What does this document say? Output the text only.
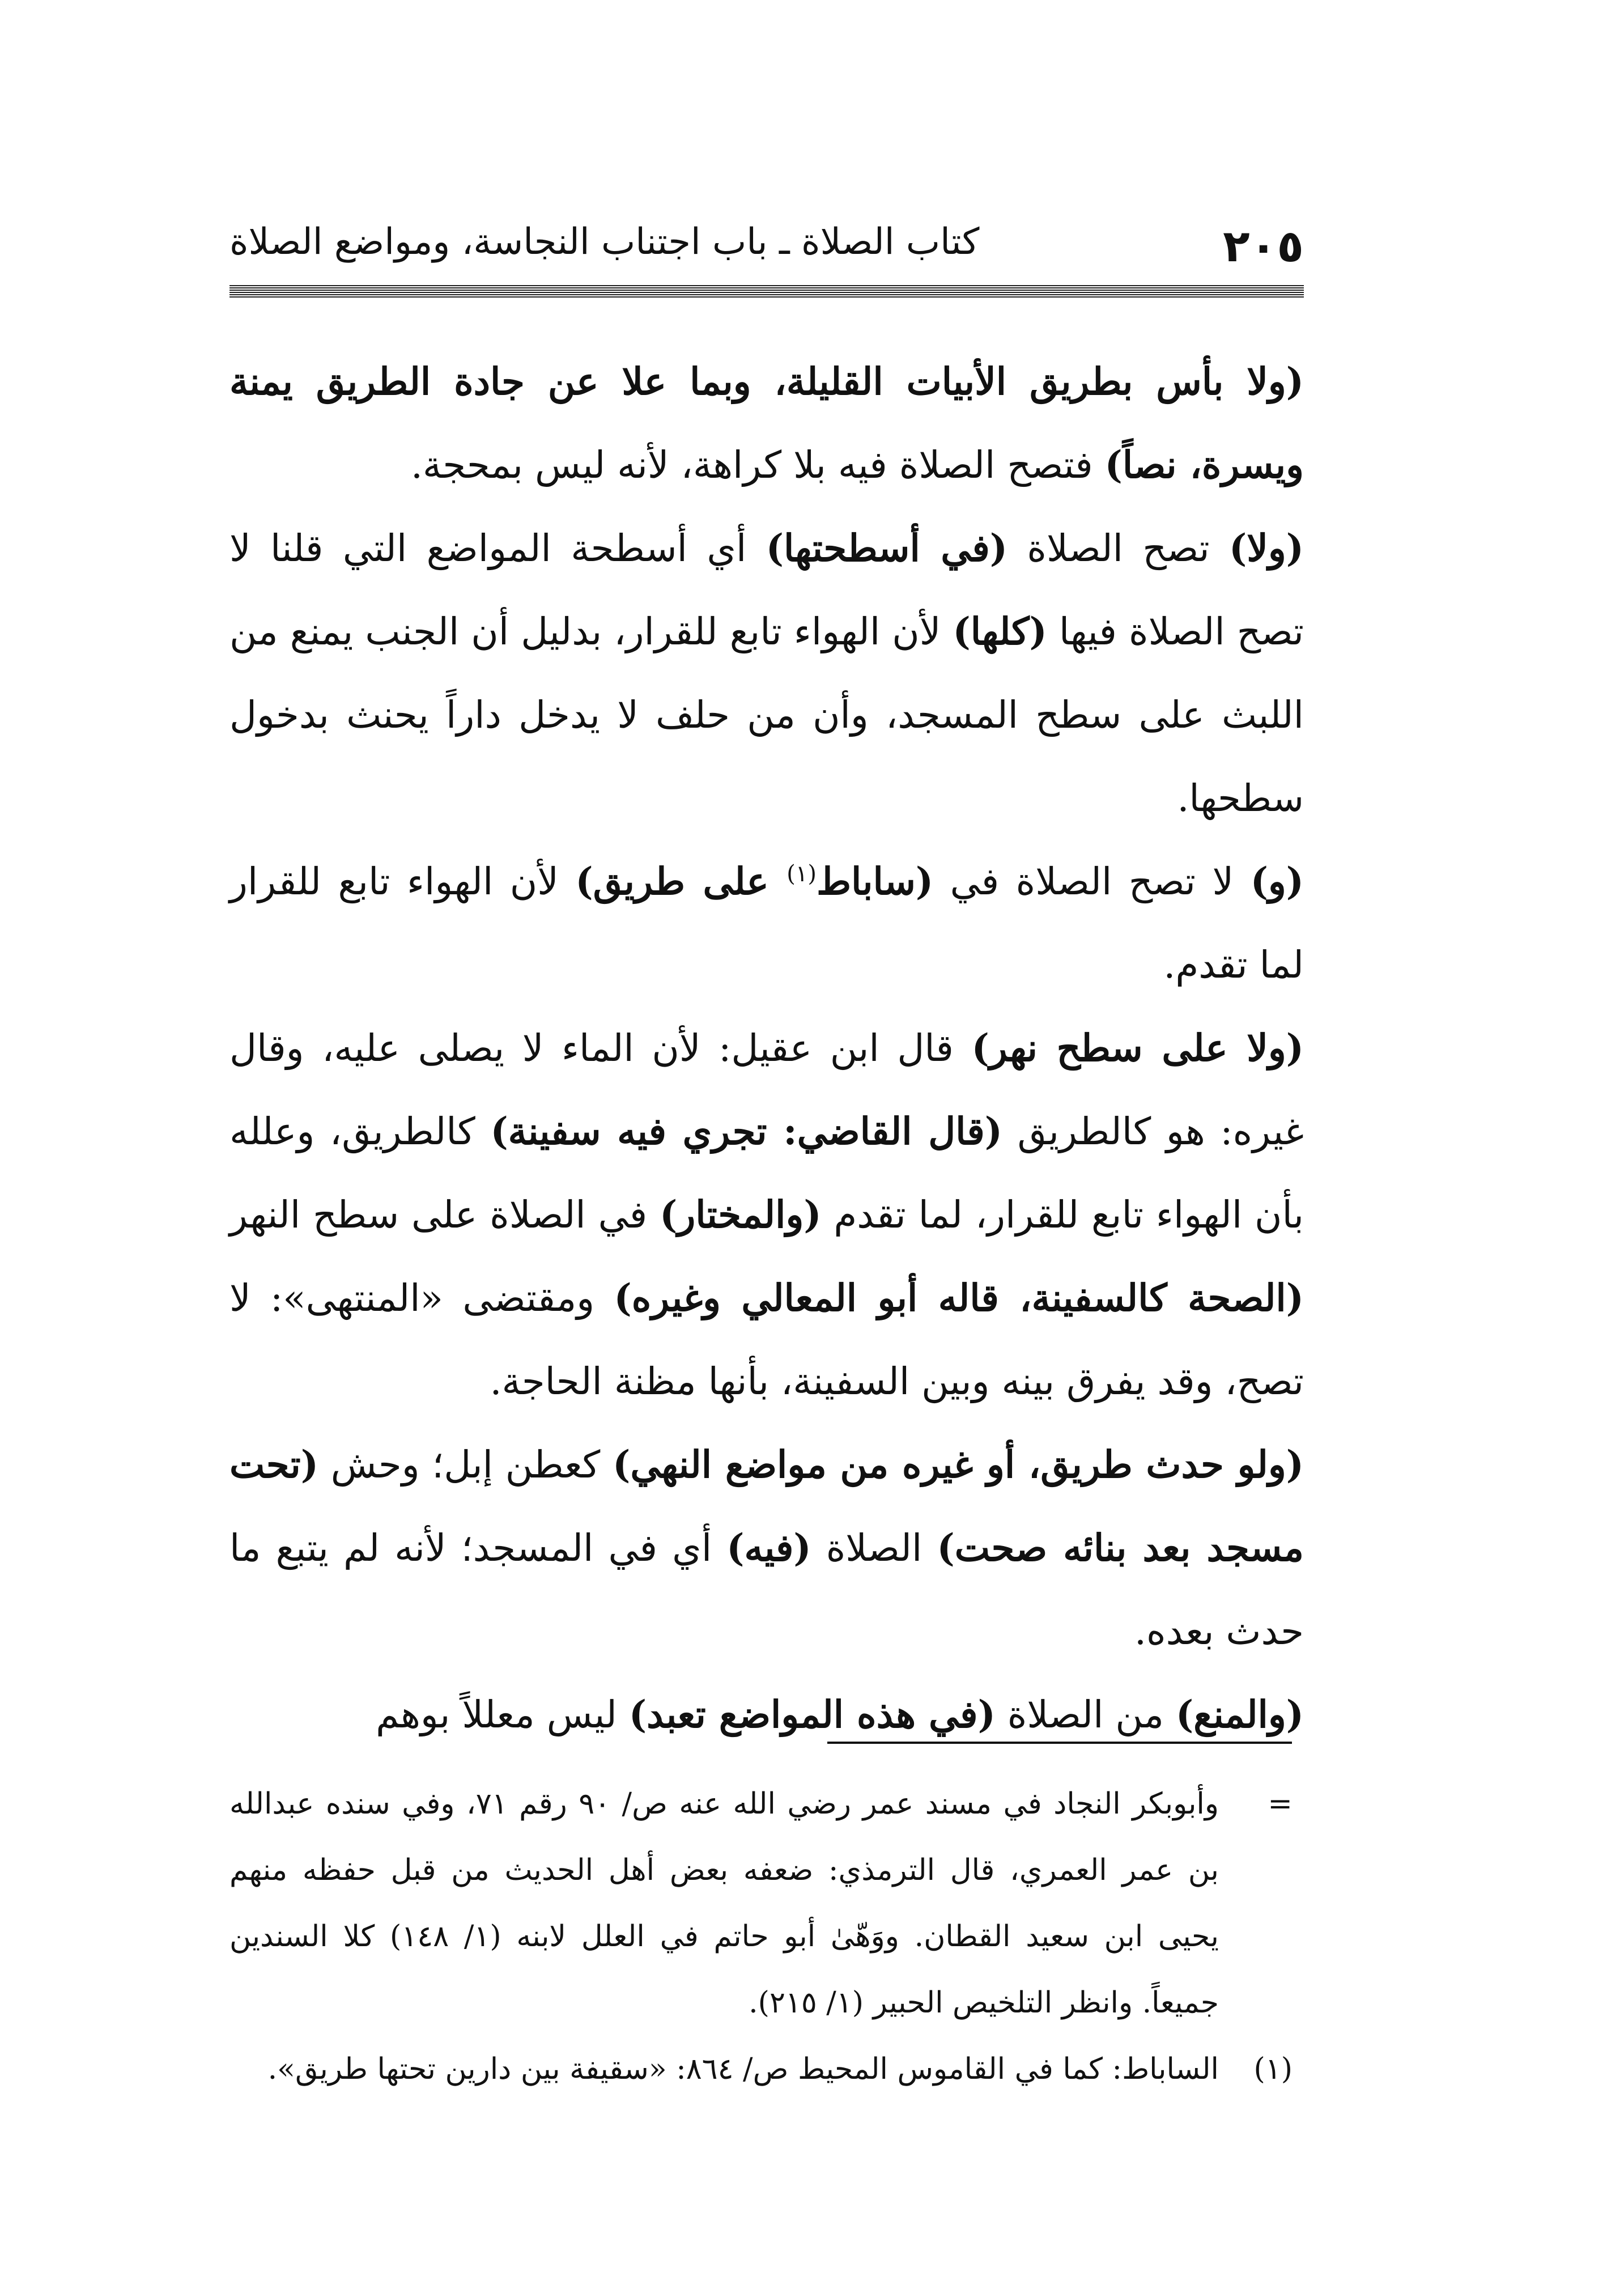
٢٠٥
كتاب الصلاة ـ باب اجتناب النجاسة، ومواضع الصلاة

(ولا بأس بطريق الأبيات القليلة، وبما علا عن جادة الطريق يمنة ويسرة، نصاً) فتصح الصلاة فيه بلا كراهة، لأنه ليس بمحجة.

(ولا) تصح الصلاة (في أسطحتها) أي أسطحة المواضع التي قلنا لا تصح الصلاة فيها (كلها) لأن الهواء تابع للقرار، بدليل أن الجنب يمنع من اللبث على سطح المسجد، وأن من حلف لا يدخل داراً يحنث بدخول سطحها.

(و) لا تصح الصلاة في (ساباط$^{(١)}$ على طريق) لأن الهواء تابع للقرار لما تقدم.

(ولا على سطح نهر) قال ابن عقيل: لأن الماء لا يصلى عليه، وقال غيره: هو كالطريق (قال القاضي: تجري فيه سفينة) كالطريق، وعلله بأن الهواء تابع للقرار، لما تقدم (والمختار) في الصلاة على سطح النهر (الصحة كالسفينة، قاله أبو المعالي وغيره) ومقتضى «المنتهى»: لا تصح، وقد يفرق بينه وبين السفينة، بأنها مظنة الحاجة.

(ولو حدث طريق، أو غيره من مواضع النهي) كعطن إبل؛ وحش (تحت مسجد بعد بنائه صحت) الصلاة (فيه) أي في المسجد؛ لأنه لم يتبع ما حدث بعده.

(والمنع) من الصلاة (في هذه المواضع تعبد) ليس معللاً بوهم

=
وأبوبكر النجاد في مسند عمر رضي الله عنه ص/ ٩٠ رقم ٧١، وفي سنده عبدالله بن عمر العمري، قال الترمذي: ضعفه بعض أهل الحديث من قبل حفظه منهم يحيى ابن سعيد القطان. ووَهّىٰ أبو حاتم في العلل لابنه (١/ ١٤٨) كلا السندين جميعاً. وانظر التلخيص الحبير (١/ ٢١٥).

(١)
الساباط: كما في القاموس المحيط ص/ ٨٦٤: «سقيفة بين دارين تحتها طريق».
